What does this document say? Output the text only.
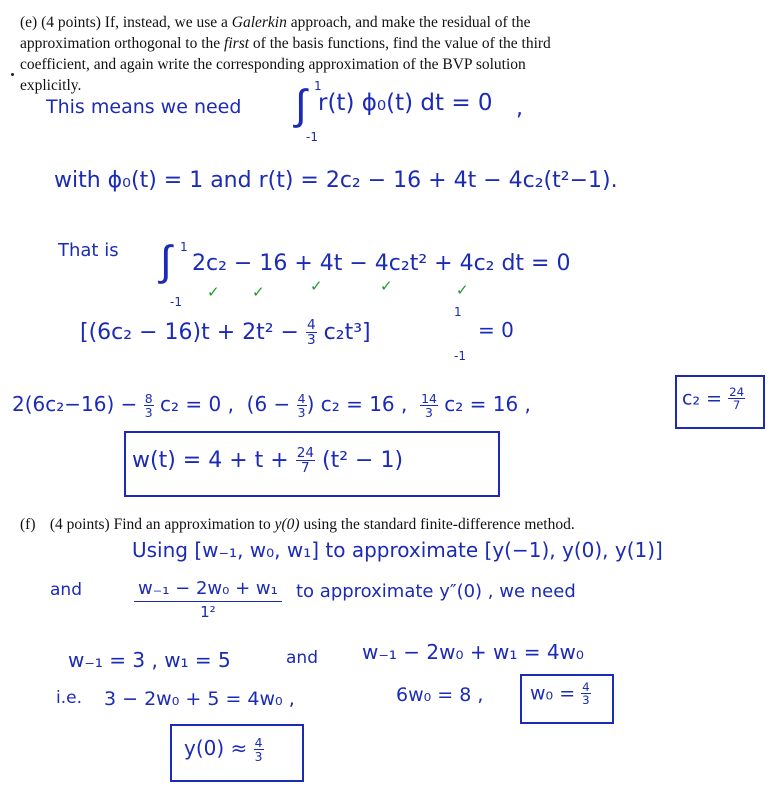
(e) (4 points) If, instead, we use a Galerkin approach, and make the residual of the approximation orthogonal to the first of the basis functions, find the value of the third coefficient, and again write the corresponding approximation of the BVP solution explicitly.
This means we need ∫ 1
-1
r(t) ϕ₀(t) dt = 0 ,
with ϕ₀(t) = 1 and r(t) = 2c₂ − 16 + 4t − 4c₂(t²−1).
That is ∫ 1
-1
2c₂ − 16 + 4t − 4c₂t² + 4c₂ dt = 0
✓ ✓	✓	✓	✓
$[(6c_2 - 16)t + 2t^2 - \frac{4}{3} c_2t^3]$
1
-1
= 0
$2(6c_2-16) - \frac{8}{3} c_2 = 0$ , ($6 - \frac{4}{3}$ ) c₂ = 16 , $\frac{14}{3} c_2 = 16$ ,	$c_2 = \frac{24}{7}$
$w(t) = 4 + t + \frac{24}{7} (t^2 - 1)$
(f) (4 points) Find an approximation to y(0) using the standard finite-difference method.
Using [w₋₁, w₀, w₁] to approximate [y(−1), y(0), y(1)]
and	w₋₁ − 2w₀ + w₁
1²
to approximate y″(0) , we need
w₋₁ = 3 , w₁ = 5	and w₋₁ − 2w₀ + w₁ = 4w₀
i.e. 3 − 2w₀ + 5 = 4w₀ ,	6w₀ = 8 , $w_0 = \frac{4}{3}$
$y(0) \approx \frac{4}{3}$
